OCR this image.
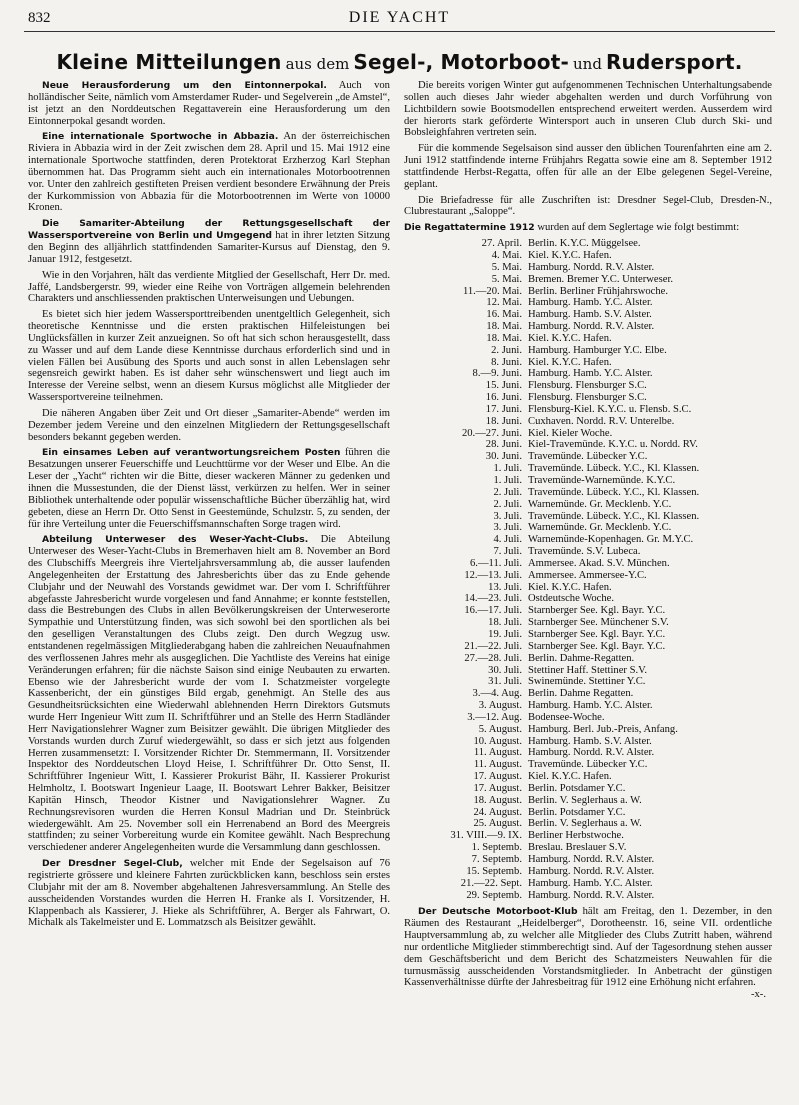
832	DIE YACHT
Kleine Mitteilungen aus dem Segel-, Motorboot- und Rudersport.

Neue Herausforderung um den Eintonnerpokal. Auch von holländischer Seite, nämlich vom Amsterdamer Ruder- und Segelverein „de Amstel“, ist jetzt an den Norddeutschen Regattaverein eine Herausforderung um den Eintonnerpokal gesandt worden.

Eine internationale Sportwoche in Abbazia. An der österreichischen Riviera in Abbazia wird in der Zeit zwischen dem 28. April und 15. Mai 1912 eine internationale Sportwoche stattfinden, deren Protektorat Erzherzog Karl Stephan übernommen hat. Das Programm sieht auch ein internationales Motorbootrennen vor. Unter den zahlreich gestifteten Preisen verdient besondere Erwähnung der Preis der Kurkommission von Abbazia für die Motorbootrennen im Werte von 10000 Kronen.

Die Samariter-Abteilung der Rettungsgesellschaft der Wassersportvereine von Berlin und Umgegend hat in ihrer letzten Sitzung den Beginn des alljährlich stattfindenden Samariter-Kursus auf Dienstag, den 9. Januar 1912, festgesetzt.

Wie in den Vorjahren, hält das verdiente Mitglied der Gesellschaft, Herr Dr. med. Jaffé, Landsbergerstr. 99, wieder eine Reihe von Vorträgen allgemein belehrenden Charakters und anschliessenden praktischen Unterweisungen und Uebungen.

Es bietet sich hier jedem Wassersporttreibenden unentgeltlich Gelegenheit, sich theoretische Kenntnisse und die ersten praktischen Hilfeleistungen bei Unglücksfällen in kurzer Zeit anzueignen. So oft hat sich schon herausgestellt, dass zu Wasser und auf dem Lande diese Kenntnisse durchaus erforderlich sind und in vielen Fällen bei Ausübung des Sports und auch sonst in allen Lebenslagen sehr segensreich gewirkt haben. Es ist daher sehr wünschenswert und liegt auch im Interesse der Vereine selbst, wenn an diesem Kursus möglichst alle Mitglieder der Wassersportvereine teilnehmen.

Die näheren Angaben über Zeit und Ort dieser „Samariter-Abende“ werden im Dezember jedem Vereine und den einzelnen Mitgliedern der Rettungsgesellschaft besonders bekannt gegeben werden.

Ein einsames Leben auf verantwortungsreichem Posten führen die Besatzungen unserer Feuerschiffe und Leuchttürme vor der Weser und Elbe. An die Leser der „Yacht“ richten wir die Bitte, dieser wackeren Männer zu gedenken und ihnen die Mussestunden, die der Dienst lässt, verkürzen zu helfen. Wer in seiner Bibliothek unterhaltende oder populär wissenschaftliche Bücher überzählig hat, wird gebeten, diese an Herrn Dr. Otto Senst in Geestemünde, Schulzstr. 5, zu senden, der für ihre Verteilung unter die Feuerschiffsmannschaften Sorge tragen wird.

Abteilung Unterweser des Weser-Yacht-Clubs. Die Abteilung Unterweser des Weser-Yacht-Clubs in Bremerhaven hielt am 8. November an Bord des Clubschiffs Meergreis ihre Vierteljahrsversammlung ab, die ausser laufenden Angelegenheiten der Erstattung des Jahresberichts über das zu Ende gehende Clubjahr und der Neuwahl des Vorstands gewidmet war. Der vom I. Schriftführer abgefasste Jahresbericht wurde vorgelesen und fand Annahme; er konnte feststellen, dass die Bestrebungen des Clubs in allen Bevölkerungskreisen der Unterweserorte Sympathie und Unterstützung finden, was sich sowohl bei den sportlichen als bei den geselligen Veranstaltungen des Clubs zeigt. Den durch Wegzug usw. entstandenen regelmässigen Mitgliederabgang haben die zahlreichen Neuaufnahmen des verflossenen Jahres mehr als ausgeglichen. Die Yachtliste des Vereins hat einige Veränderungen erfahren; für die nächste Saison sind einige Neubauten zu erwarten. Ebenso wie der Jahresbericht wurde der vom I. Schatzmeister vorgelegte Kassenbericht, der ein günstiges Bild ergab, genehmigt. An Stelle des aus Gesundheitsrücksichten eine Wiederwahl ablehnenden Herrn Direktors Gutsmuts wurde Herr Ingenieur Witt zum II. Schriftführer und an Stelle des Herrn Stadländer Herr Navigationslehrer Wagner zum Beisitzer gewählt. Die übrigen Mitglieder des Vorstands wurden durch Zuruf wiedergewählt, so dass er sich jetzt aus folgenden Herren zusammensetzt: I. Vorsitzender Richter Dr. Stemmermann, II. Vorsitzender Inspektor des Norddeutschen Lloyd Heise, I. Schriftführer Dr. Otto Senst, II. Schriftführer Ingenieur Witt, I. Kassierer Prokurist Bähr, II. Kassierer Prokurist Helmholtz, I. Bootswart Ingenieur Laage, II. Bootswart Lehrer Bakker, Beisitzer Kapitän Hinsch, Theodor Kistner und Navigationslehrer Wagner. Zu Rechnungsrevisoren wurden die Herren Konsul Madrian und Dr. Steinbrück wiedergewählt. Am 25. November soll ein Herrenabend an Bord des Meergreis stattfinden; zu seiner Vorbereitung wurde ein Komitee gewählt. Nach Besprechung verschiedener anderer Angelegenheiten wurde die Versammlung dann geschlossen.

Der Dresdner Segel-Club, welcher mit Ende der Segelsaison auf 76 registrierte grössere und kleinere Fahrten zurückblicken kann, beschloss sein erstes Clubjahr mit der am 8. November abgehaltenen Jahresversammlung. An Stelle des ausscheidenden Vorstandes wurden die Herren H. Franke als I. Vorsitzender, H. Klappenbach als Kassierer, J. Hieke als Schriftführer, A. Berger als Fahrwart, O. Michalk als Takelmeister und E. Lommatzsch als Beisitzer gewählt.

Die bereits vorigen Winter gut aufgenommenen Technischen Unterhaltungsabende sollen auch dieses Jahr wieder abgehalten werden und durch Vorführung von Lichtbildern sowie Bootsmodellen entsprechend erweitert werden. Ausserdem wird der hierorts stark geförderte Wintersport auch in unseren Club durch Ski- und Bobsleighfahren vertreten sein.

Für die kommende Segelsaison sind ausser den üblichen Tourenfahrten eine am 2. Juni 1912 stattfindende interne Frühjahrs Regatta sowie eine am 8. September 1912 stattfindende Herbst-Regatta, offen für alle an der Elbe gelegenen Segel-Vereine, geplant.

Die Briefadresse für alle Zuschriften ist: Dresdner Segel-Club, Dresden-N., Clubrestaurant „Saloppe“.

Die Regattatermine 1912 wurden auf dem Seglertage wie folgt bestimmt:

27. April.	Berlin. K.Y.C. Müggelsee.
4. Mai.	Kiel. K.Y.C. Hafen.
5. Mai.	Hamburg. Nordd. R.V. Alster.
5. Mai.	Bremen. Bremer Y.C. Unterweser.
11.—20. Mai.	Berlin. Berliner Frühjahrswoche.
12. Mai.	Hamburg. Hamb. Y.C. Alster.
16. Mai.	Hamburg. Hamb. S.V. Alster.
18. Mai.	Hamburg. Nordd. R.V. Alster.
18. Mai.	Kiel. K.Y.C. Hafen.
2. Juni.	Hamburg. Hamburger Y.C. Elbe.
8. Juni.	Kiel. K.Y.C. Hafen.
8.—9. Juni.	Hamburg. Hamb. Y.C. Alster.
15. Juni.	Flensburg. Flensburger S.C.
16. Juni.	Flensburg. Flensburger S.C.
17. Juni.	Flensburg-Kiel. K.Y.C. u. Flensb. S.C.
18. Juni.	Cuxhaven. Nordd. R.V. Unterelbe.
20.—27. Juni.	Kiel. Kieler Woche.
28. Juni.	Kiel-Travemünde. K.Y.C. u. Nordd. RV.
30. Juni.	Travemünde. Lübecker Y.C.
1. Juli.	Travemünde. Lübeck. Y.C., Kl. Klassen.
1. Juli.	Travemünde-Warnemünde. K.Y.C.
2. Juli.	Travemünde. Lübeck. Y.C., Kl. Klassen.
2. Juli.	Warnemünde. Gr. Mecklenb. Y.C.
3. Juli.	Travemünde. Lübeck. Y.C., Kl. Klassen.
3. Juli.	Warnemünde. Gr. Mecklenb. Y.C.
4. Juli.	Warnemünde-Kopenhagen. Gr. M.Y.C.
7. Juli.	Travemünde. S.V. Lubeca.
6.—11. Juli.	Ammersee. Akad. S.V. München.
12.—13. Juli.	Ammersee. Ammersee-Y.C.
13. Juli.	Kiel. K.Y.C. Hafen.
14.—23. Juli.	Ostdeutsche Woche.
16.—17. Juli.	Starnberger See. Kgl. Bayr. Y.C.
18. Juli.	Starnberger See. Münchener S.V.
19. Juli.	Starnberger See. Kgl. Bayr. Y.C.
21.—22. Juli.	Starnberger See. Kgl. Bayr. Y.C.
27.—28. Juli.	Berlin. Dahme-Regatten.
30. Juli.	Stettiner Haff. Stettiner S.V.
31. Juli.	Swinemünde. Stettiner Y.C.
3.—4. Aug.	Berlin. Dahme Regatten.
3. August.	Hamburg. Hamb. Y.C. Alster.
3.—12. Aug.	Bodensee-Woche.
5. August.	Hamburg. Berl. Jub.-Preis, Anfang.
10. August.	Hamburg. Hamb. S.V. Alster.
11. August.	Hamburg. Nordd. R.V. Alster.
11. August.	Travemünde. Lübecker Y.C.
17. August.	Kiel. K.Y.C. Hafen.
17. August.	Berlin. Potsdamer Y.C.
18. August.	Berlin. V. Seglerhaus a. W.
24. August.	Berlin. Potsdamer Y.C.
25. August.	Berlin. V. Seglerhaus a. W.
31. VIII.—9. IX.	Berliner Herbstwoche.
1. Septemb.	Breslau. Breslauer S.V.
7. Septemb.	Hamburg. Nordd. R.V. Alster.
15. Septemb.	Hamburg. Nordd. R.V. Alster.
21.—22. Sept.	Hamburg. Hamb. Y.C. Alster.
29. Septemb.	Hamburg. Nordd. R.V. Alster.

Der Deutsche Motorboot-Klub hält am Freitag, den 1. Dezember, in den Räumen des Restaurant „Heidelberger“, Dorotheenstr. 16, seine VII. ordentliche Hauptversammlung ab, zu welcher alle Mitglieder des Clubs Zutritt haben, während nur ordentliche Mitglieder stimmberechtigt sind. Auf der Tagesordnung stehen ausser dem Geschäftsbericht und dem Bericht des Schatzmeisters Neuwahlen für die turnusmässig ausscheidenden Vorstandsmitglieder. In Anbetracht der günstigen Kassenverhältnisse dürfte der Jahresbeitrag für 1912 eine Erhöhung nicht erfahren.
-x-.
